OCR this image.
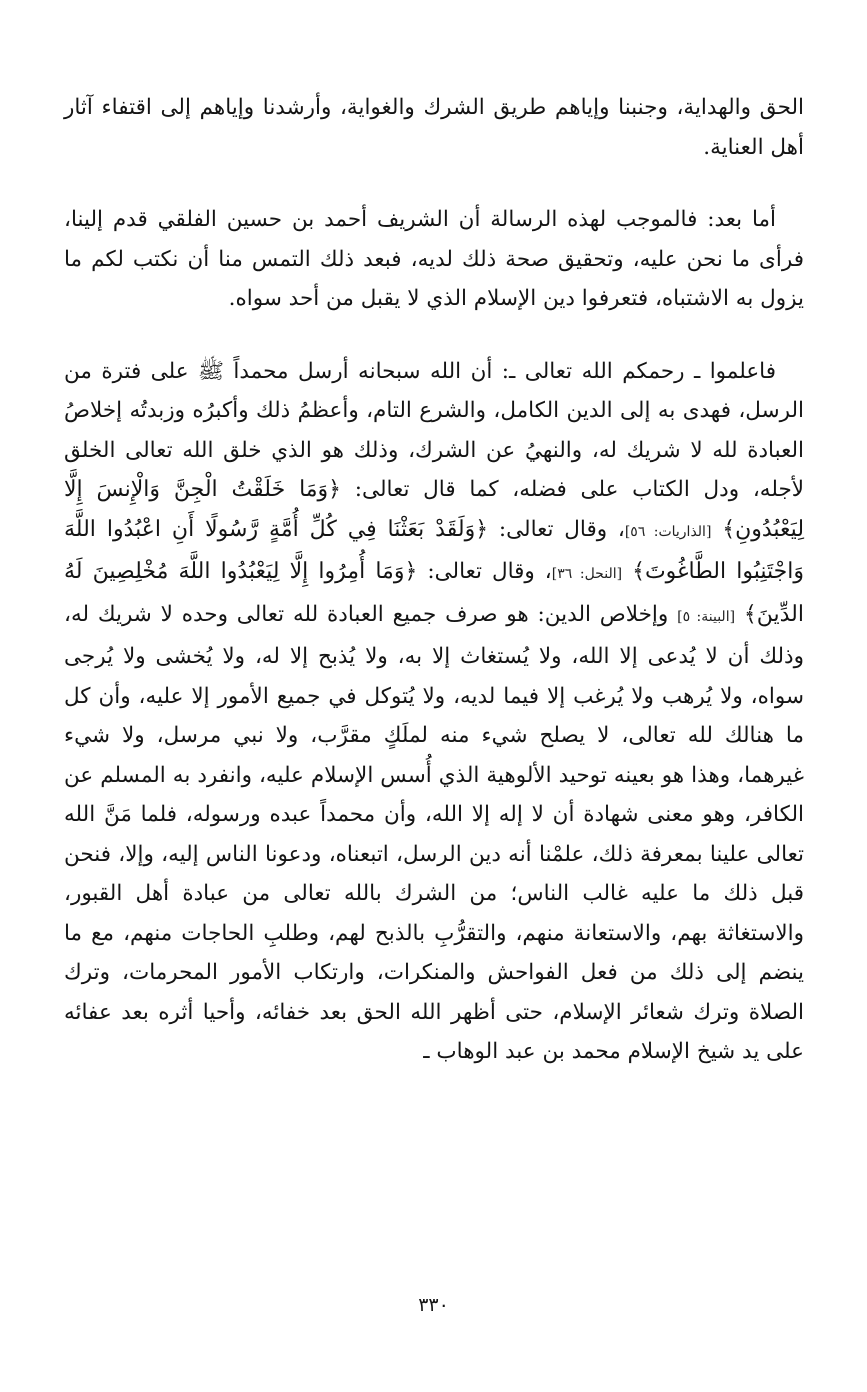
الحق والهداية، وجنبنا وإياهم طريق الشرك والغواية، وأرشدنا وإياهم إلى اقتفاء آثار أهل العناية.

أما بعد: فالموجب لهذه الرسالة أن الشريف أحمد بن حسين الفلقي قدم إلينا، فرأى ما نحن عليه، وتحقيق صحة ذلك لديه، فبعد ذلك التمس منا أن نكتب لكم ما يزول به الاشتباه، فتعرفوا دين الإسلام الذي لا يقبل من أحد سواه.

فاعلموا ـ رحمكم الله تعالى ـ: أن الله سبحانه أرسل محمداً ﷺ على فترة من الرسل، فهدى به إلى الدين الكامل، والشرع التام، وأعظمُ ذلك وأكبرُه وزبدتُه إخلاصُ العبادة لله لا شريك له، والنهيُ عن الشرك، وذلك هو الذي خلق الله تعالى الخلق لأجله، ودل الكتاب على فضله، كما قال تعالى: ﴿وَمَا خَلَقْتُ الْجِنَّ وَالْإِنسَ إِلَّا لِيَعْبُدُونِ﴾ [الذاريات: ٥٦]، وقال تعالى: ﴿وَلَقَدْ بَعَثْنَا فِي كُلِّ أُمَّةٍ رَّسُولًا أَنِ اعْبُدُوا اللَّهَ وَاجْتَنِبُوا الطَّاغُوتَ﴾ [النحل: ٣٦]، وقال تعالى: ﴿وَمَا أُمِرُوا إِلَّا لِيَعْبُدُوا اللَّهَ مُخْلِصِينَ لَهُ الدِّينَ﴾ [البينة: ٥] وإخلاص الدين: هو صرف جميع العبادة لله تعالى وحده لا شريك له، وذلك أن لا يُدعى إلا الله، ولا يُستغاث إلا به، ولا يُذبح إلا له، ولا يُخشى ولا يُرجى سواه، ولا يُرهب ولا يُرغب إلا فيما لديه، ولا يُتوكل في جميع الأمور إلا عليه، وأن كل ما هنالك لله تعالى، لا يصلح شيء منه لملَكٍ مقرَّب، ولا نبي مرسل، ولا شيء غيرهما، وهذا هو بعينه توحيد الألوهية الذي أُسس الإسلام عليه، وانفرد به المسلم عن الكافر، وهو معنى شهادة أن لا إله إلا الله، وأن محمداً عبده ورسوله، فلما مَنَّ الله تعالى علينا بمعرفة ذلك، علمْنا أنه دين الرسل، اتبعناه، ودعونا الناس إليه، وإلا، فنحن قبل ذلك ما عليه غالب الناس؛ من الشرك بالله تعالى من عبادة أهل القبور، والاستغاثة بهم، والاستعانة منهم، والتقرُّبِ بالذبح لهم، وطلبِ الحاجات منهم، مع ما ينضم إلى ذلك من فعل الفواحش والمنكرات، وارتكاب الأمور المحرمات، وترك الصلاة وترك شعائر الإسلام، حتى أظهر الله الحق بعد خفائه، وأحيا أثره بعد عفائه على يد شيخ الإسلام محمد بن عبد الوهاب ـ

٣٣٠
